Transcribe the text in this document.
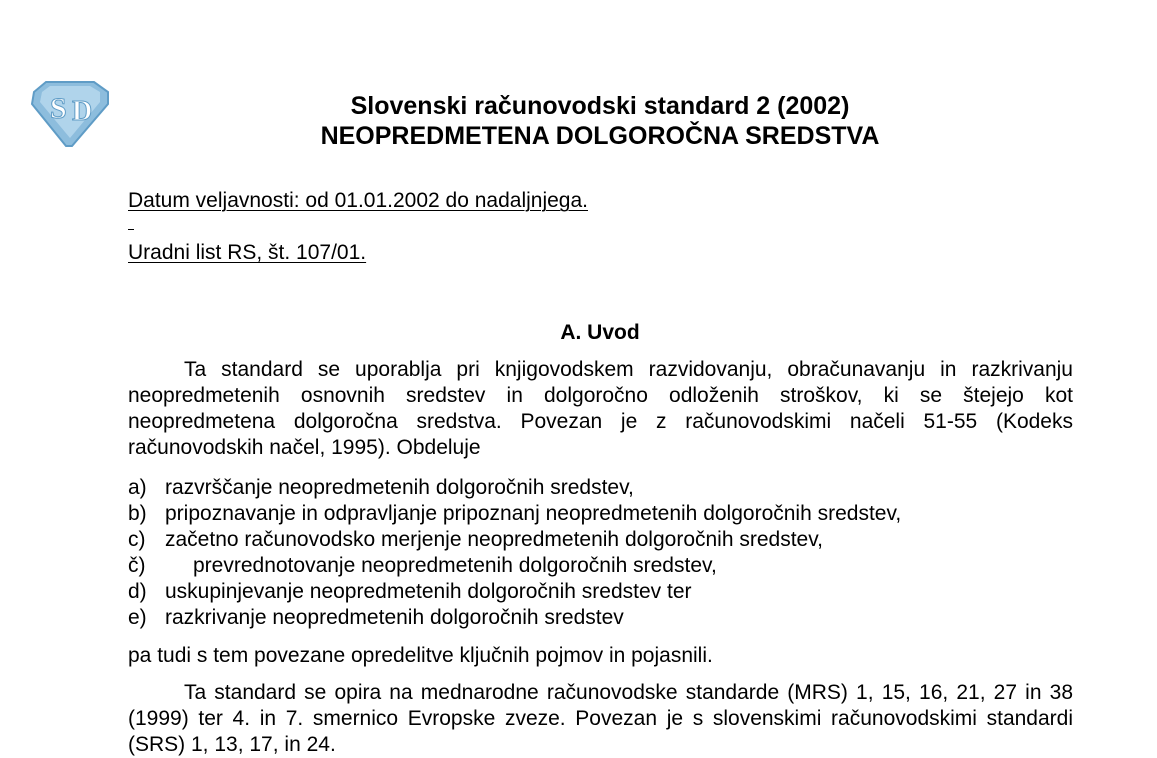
S D	Slovenski računovodski standard 2 (2002)
NEOPREDMETENA DOLGOROČNA SREDSTVA
Datum veljavnosti: od 01.01.2002 do nadaljnjega.
Uradni list RS, št. 107/01.
A. Uvod

Ta standard se uporablja pri knjigovodskem razvidovanju, obračunavanju in razkrivanju neopredmetenih osnovnih sredstev in dolgoročno odloženih stroškov, ki se štejejo kot neopredmetena dolgoročna sredstva. Povezan je z računovodskimi načeli 51-55 (Kodeks računovodskih načel, 1995). Obdeluje

a) razvrščanje neopredmetenih dolgoročnih sredstev,
b) pripoznavanje in odpravljanje pripoznanj neopredmetenih dolgoročnih sredstev,
c) začetno računovodsko merjenje neopredmetenih dolgoročnih sredstev,
č)	prevrednotovanje neopredmetenih dolgoročnih sredstev,
d) uskupinjevanje neopredmetenih dolgoročnih sredstev ter
e) razkrivanje neopredmetenih dolgoročnih sredstev

pa tudi s tem povezane opredelitve ključnih pojmov in pojasnili.

Ta standard se opira na mednarodne računovodske standarde (MRS) 1, 15, 16, 21, 27 in 38 (1999) ter 4. in 7. smernico Evropske zveze. Povezan je s slovenskimi računovodskimi standardi (SRS) 1, 13, 17, in 24.
